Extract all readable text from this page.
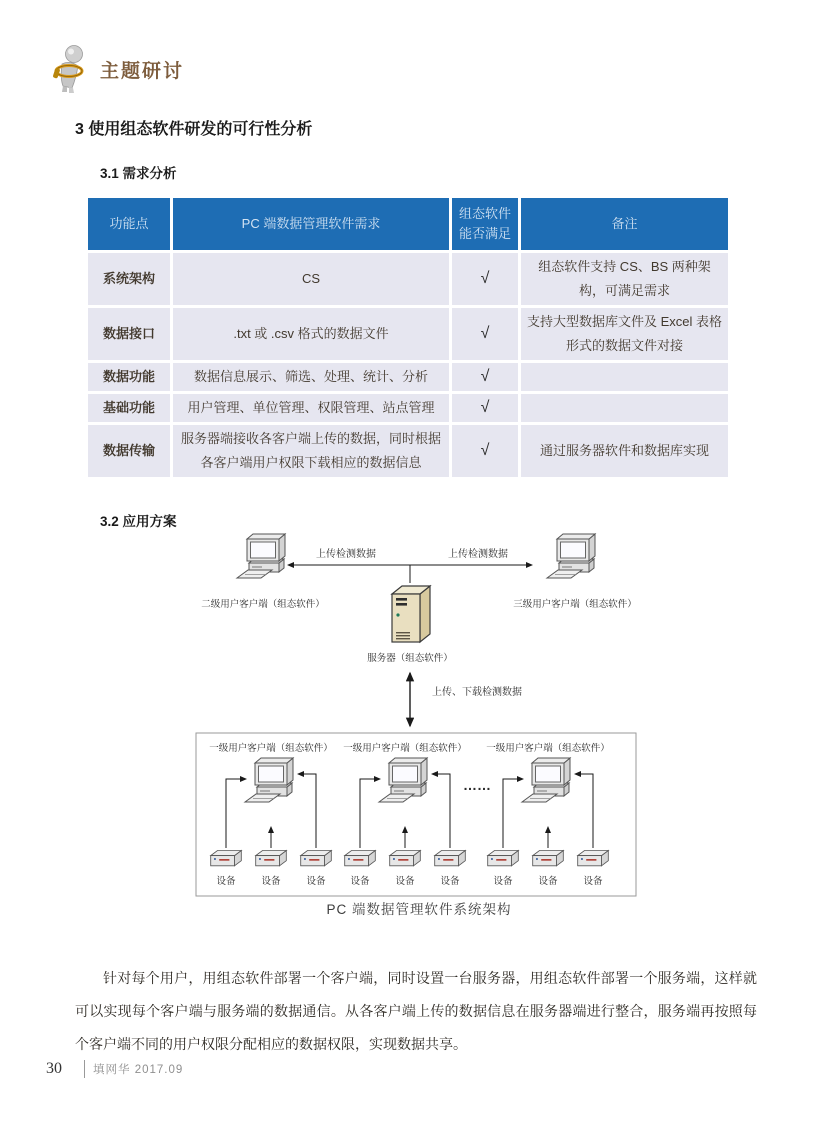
主题研讨
3 使用组态软件研发的可行性分析
3.1 需求分析
功能点	PC 端数据管理软件需求	组态软件能否满足	备注
系统架构	CS	√	组态软件支持 CS、BS 两种架构，可满足需求
数据接口	.txt 或 .csv 格式的数据文件	√	支持大型数据库文件及 Excel 表格形式的数据文件对接
数据功能	数据信息展示、筛选、处理、统计、分析	√	
基础功能	用户管理、单位管理、权限管理、站点管理	√	
数据传输	服务器端接收各客户端上传的数据，同时根据各客户端用户权限下载相应的数据信息	√	通过服务器软件和数据库实现
3.2 应用方案
上传检测数据	上传检测数据
二级用户客户端（组态软件）	三级用户客户端（组态软件）
服务器（组态软件）
上传、下载检测数据
一级用户客户端（组态软件） 一级用户客户端（组态软件） 一级用户客户端（组态软件）
……
设备	设备	设备	设备	设备	设备	设备	设备	设备
PC 端数据管理软件系统架构

针对每个用户，用组态软件部署一个客户端，同时设置一台服务器，用组态软件部署一个服务端，这样就可以实现每个客户端与服务端的数据通信。从各客户端上传的数据信息在服务器端进行整合，服务端再按照每个客户端不同的用户权限分配相应的数据权限，实现数据共享。

30	填网华 2017.09
